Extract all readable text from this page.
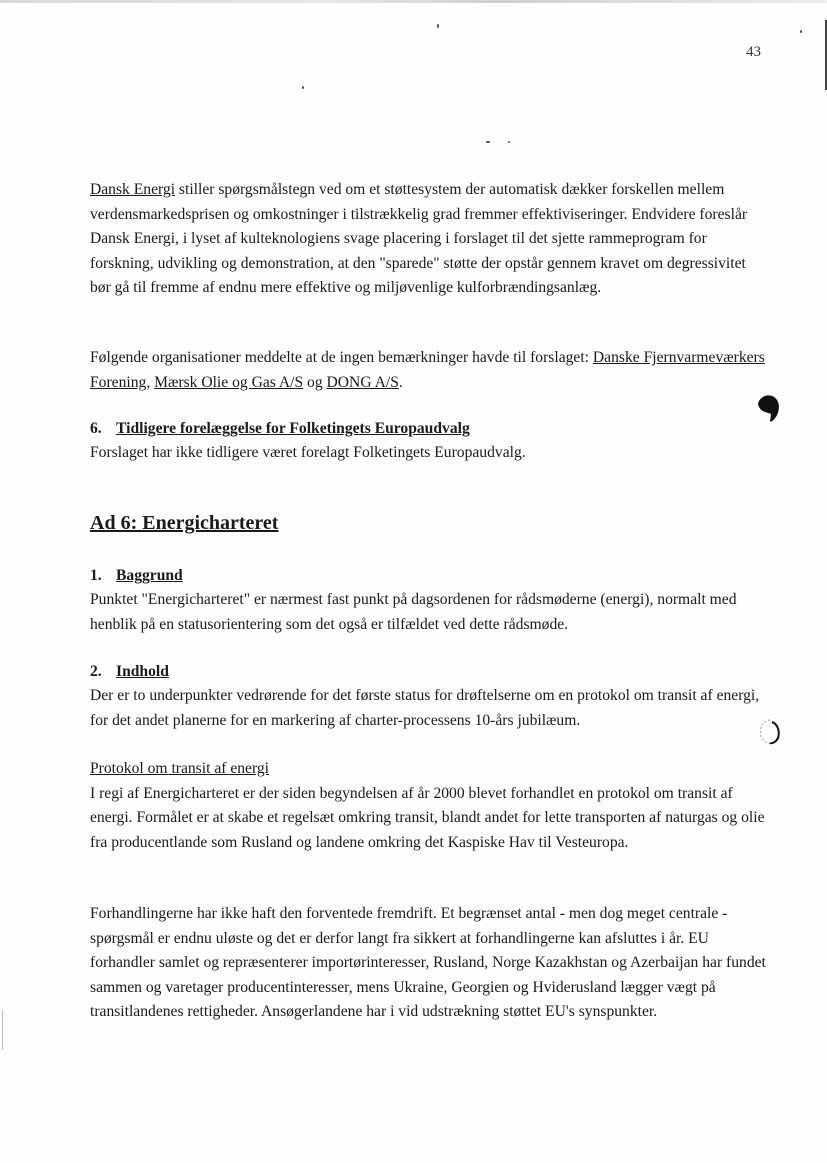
43

Dansk Energi stiller spørgsmålstegn ved om et støttesystem der automatisk dækker forskellen mellem verdensmarkedsprisen og omkostninger i tilstrækkelig grad fremmer effektiviseringer. Endvidere foreslår Dansk Energi, i lyset af kulteknologiens svage placering i forslaget til det sjette rammeprogram for forskning, udvikling og demonstration, at den "sparede" støtte der opstår gennem kravet om degressivitet bør gå til fremme af endnu mere effektive og miljøvenlige kulforbrændingsanlæg.

Følgende organisationer meddelte at de ingen bemærkninger havde til forslaget: Danske Fjernvarmeværkers Forening, Mærsk Olie og Gas A/S og DONG A/S.

6. Tidligere forelæggelse for Folketingets Europaudvalg

Forslaget har ikke tidligere været forelagt Folketingets Europaudvalg.

Ad 6: Energicharteret
1. Baggrund

Punktet "Energicharteret" er nærmest fast punkt på dagsordenen for rådsmøderne (energi), normalt med henblik på en statusorientering som det også er tilfældet ved dette rådsmøde.

2. Indhold

Der er to underpunkter vedrørende for det første status for drøftelserne om en protokol om transit af energi, for det andet planerne for en markering af charter-processens 10-års jubilæum.

Protokol om transit af energi

I regi af Energicharteret er der siden begyndelsen af år 2000 blevet forhandlet en protokol om transit af energi. Formålet er at skabe et regelsæt omkring transit, blandt andet for lette transporten af naturgas og olie fra producentlande som Rusland og landene omkring det Kaspiske Hav til Vesteuropa.

Forhandlingerne har ikke haft den forventede fremdrift. Et begrænset antal - men dog meget centrale - spørgsmål er endnu uløste og det er derfor langt fra sikkert at forhandlingerne kan afsluttes i år. EU forhandler samlet og repræsenterer importørinteresser, Rusland, Norge Kazakhstan og Azerbaijan har fundet sammen og varetager producentinteresser, mens Ukraine, Georgien og Hviderusland lægger vægt på transitlandenes rettigheder. Ansøgerlandene har i vid udstrækning støttet EU's synspunkter.
